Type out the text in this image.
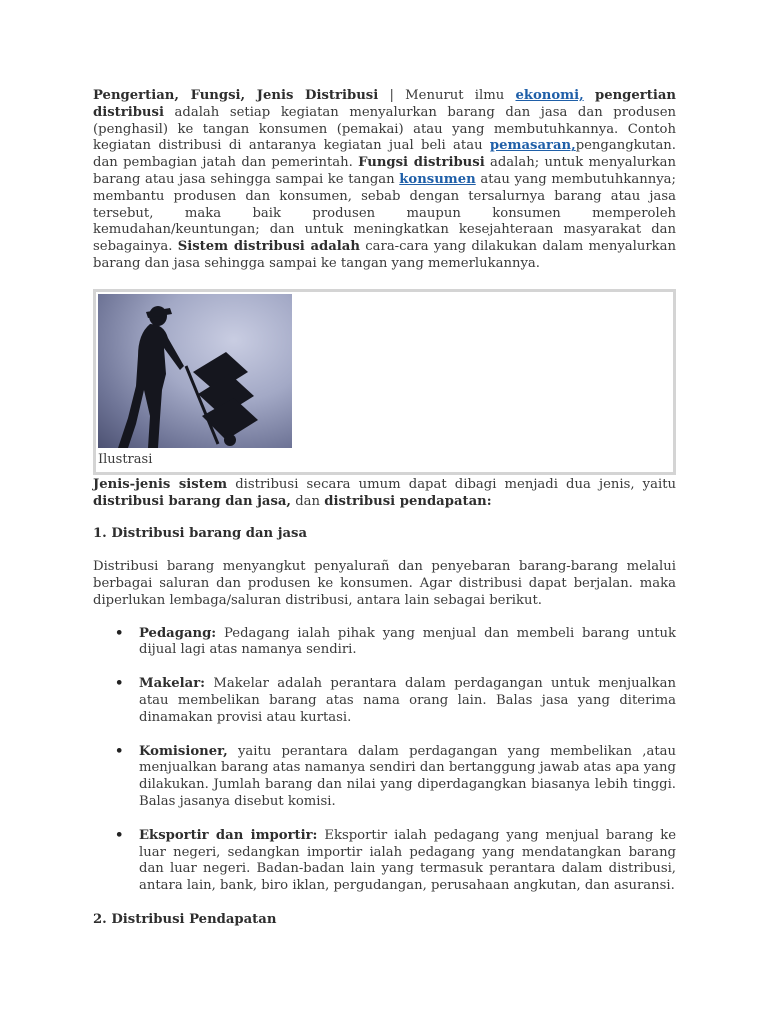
Pengertian, Fungsi, Jenis Distribusi | Menurut ilmu ekonomi, pengertian distribusi adalah setiap kegiatan menyalurkan barang dan jasa dan produsen (penghasil) ke tangan konsumen (pemakai) atau yang membutuhkannya. Contoh kegiatan distribusi di antaranya kegiatan jual beli atau pemasaran,pengangkutan. dan pembagian jatah dan pemerintah. Fungsi distribusi adalah; untuk menyalurkan barang atau jasa sehingga sampai ke tangan konsumen atau yang membutuhkannya; membantu produsen dan konsumen, sebab dengan tersalurnya barang atau jasa tersebut, maka baik produsen maupun konsumen memperoleh kemudahan/keuntungan; dan untuk meningkatkan kesejahteraan masyarakat dan sebagainya. Sistem distribusi adalah cara-cara yang dilakukan dalam menyalurkan barang dan jasa sehingga sampai ke tangan yang memerlukannya.

Ilustrasi

Jenis-jenis sistem distribusi secara umum dapat dibagi menjadi dua jenis, yaitu distribusi barang dan jasa, dan distribusi pendapatan:

1. Distribusi barang dan jasa

Distribusi barang menyangkut penyalurañ dan penyebaran barang-barang melalui berbagai saluran dan produsen ke konsumen. Agar distribusi dapat berjalan. maka diperlukan lembaga/saluran distribusi, antara lain sebagai berikut.

• Pedagang: Pedagang ialah pihak yang menjual dan membeli barang untuk dijual lagi atas namanya sendiri.
• Makelar: Makelar adalah perantara dalam perdagangan untuk menjualkan atau membelikan barang atas nama orang lain. Balas jasa yang diterima dinamakan provisi atau kurtasi.
• Komisioner, yaitu perantara dalam perdagangan yang membelikan ,atau menjualkan barang atas namanya sendiri dan bertanggung jawab atas apa yang dilakukan. Jumlah barang dan nilai yang diperdagangkan biasanya lebih tinggi. Balas jasanya disebut komisi.
• Eksportir dan importir: Eksportir ialah pedagang yang menjual barang ke luar negeri, sedangkan importir ialah pedagang yang mendatangkan barang dan luar negeri. Badan-badan lain yang termasuk perantara dalam distribusi, antara lain, bank, biro iklan, pergudangan, perusahaan angkutan, dan asuransi.

2. Distribusi Pendapatan
